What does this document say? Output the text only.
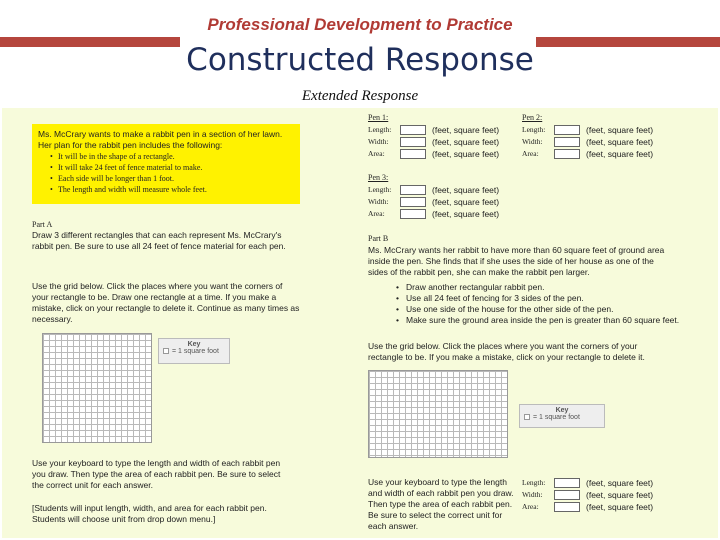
Professional Development to Practice
Constructed Response
Extended Response
Ms. McCrary wants to make a rabbit pen in a section of her lawn. Her plan for the rabbit pen includes the following:
• It will be in the shape of a rectangle.
• It will take 24 feet of fence material to make.
• Each side will be longer than 1 foot.
• The length and width will measure whole feet.
Part A
Draw 3 different rectangles that can each represent Ms. McCrary's rabbit pen. Be sure to use all 24 feet of fence material for each pen.
Use the grid below. Click the places where you want the corners of your rectangle to be. Draw one rectangle at a time. If you make a mistake, click on your rectangle to delete it. Continue as many times as necessary.
Key
= 1 square foot
Use your keyboard to type the length and width of each rabbit pen you draw. Then type the area of each rabbit pen. Be sure to select the correct unit for each answer.
[Students will input length, width, and area for each rabbit pen. Students will choose unit from drop down menu.]
Pen 1:
Length:	(feet, square feet)
Width:	(feet, square feet)
Area:	(feet, square feet)
Pen 2:
Length:	(feet, square feet)
Width:	(feet, square feet)
Area:	(feet, square feet)
Pen 3:
Length:	(feet, square feet)
Width:	(feet, square feet)
Area:	(feet, square feet)
Part B
Ms. McCrary wants her rabbit to have more than 60 square feet of ground area inside the pen. She finds that if she uses the side of her house as one of the sides of the rabbit pen, she can make the rabbit pen larger.
• Draw another rectangular rabbit pen.
• Use all 24 feet of fencing for 3 sides of the pen.
• Use one side of the house for the other side of the pen.
• Make sure the ground area inside the pen is greater than 60 square feet.
Use the grid below. Click the places where you want the corners of your rectangle to be. If you make a mistake, click on your rectangle to delete it.
Key
= 1 square foot
Use your keyboard to type the length and width of each rabbit pen you draw. Then type the area of each rabbit pen. Be sure to select the correct unit for each answer.
Length:	(feet, square feet)
Width:	(feet, square feet)
Area:	(feet, square feet)
